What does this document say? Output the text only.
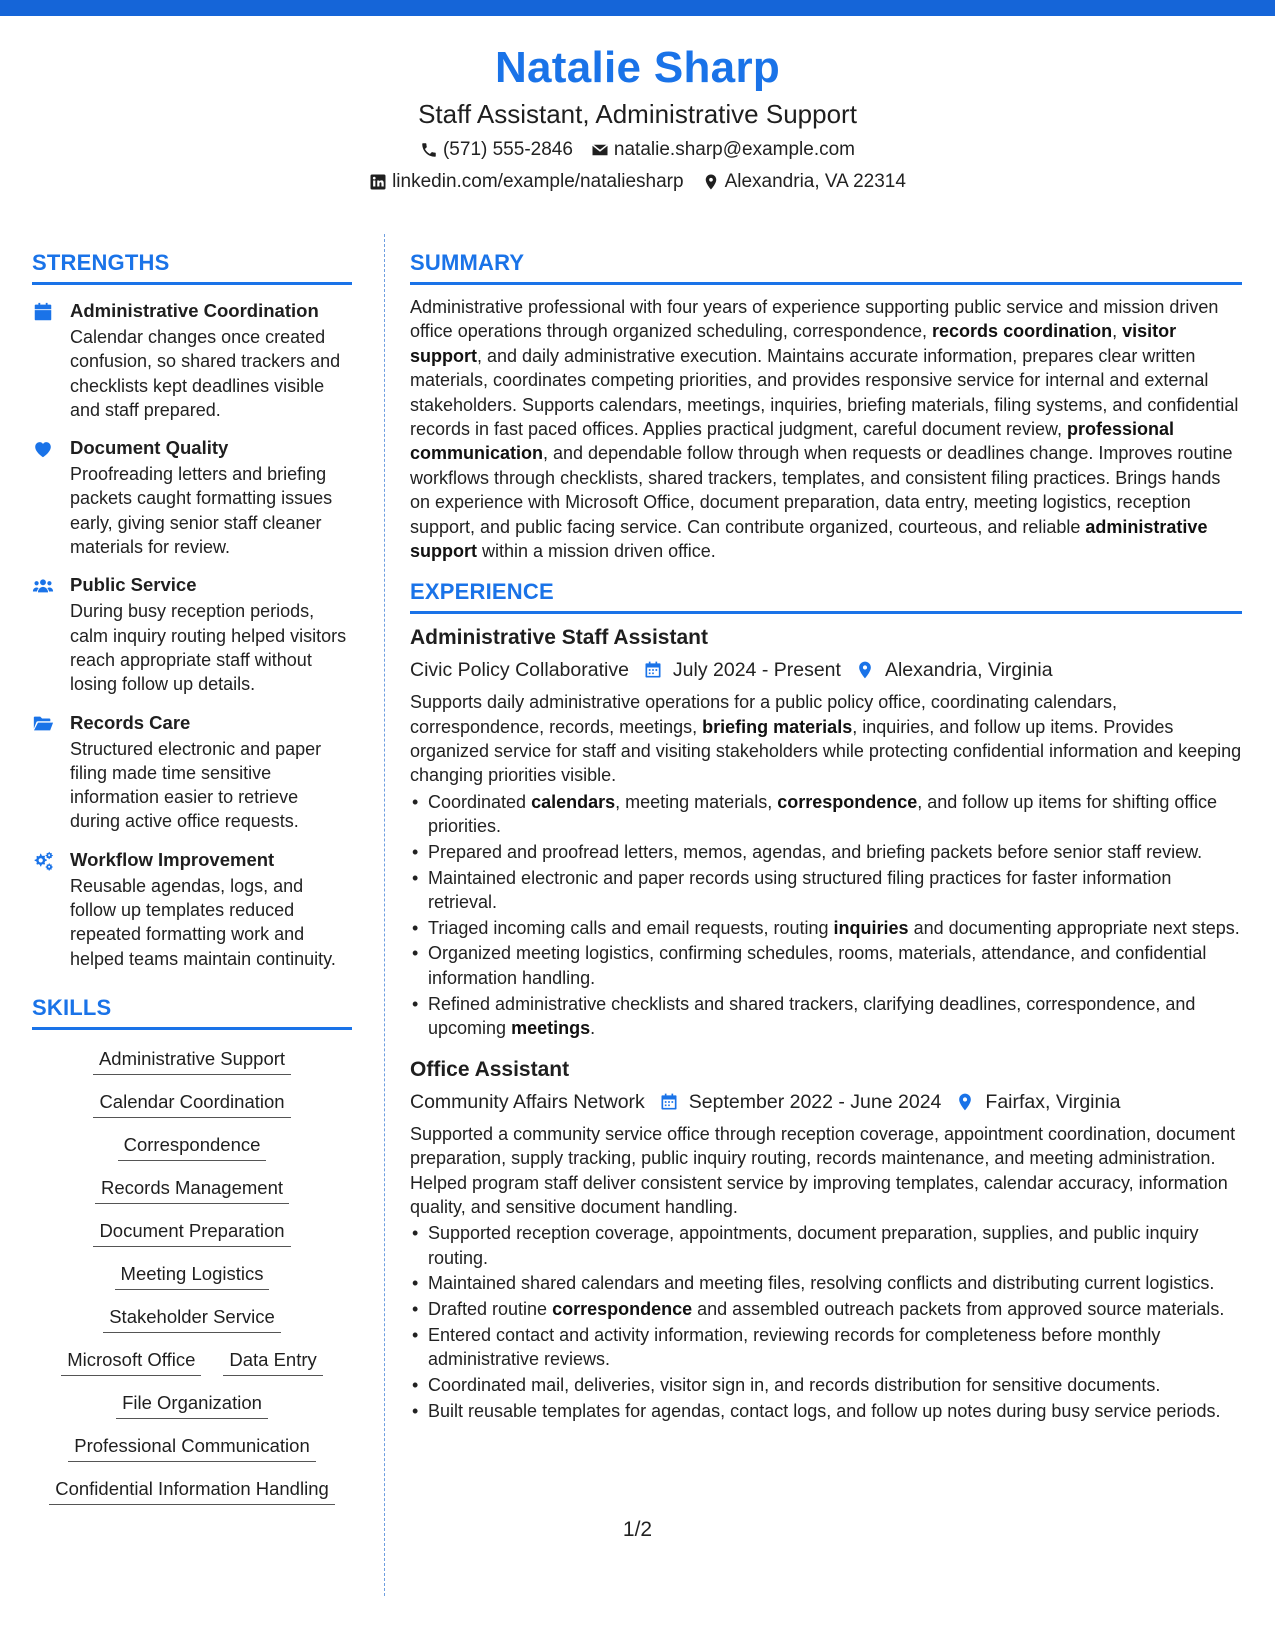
Natalie Sharp
Staff Assistant, Administrative Support
(571) 555-2846 natalie.sharp@example.com
linkedin.com/example/nataliesharp Alexandria, VA 22314
STRENGTHS
Administrative Coordination
Calendar changes once created confusion, so shared trackers and checklists kept deadlines visible and staff prepared.
Document Quality
Proofreading letters and briefing packets caught formatting issues early, giving senior staff cleaner materials for review.
Public Service
During busy reception periods, calm inquiry routing helped visitors reach appropriate staff without losing follow up details.
Records Care
Structured electronic and paper filing made time sensitive information easier to retrieve during active office requests.
Workflow Improvement
Reusable agendas, logs, and follow up templates reduced repeated formatting work and helped teams maintain continuity.
SKILLS
Administrative Support
Calendar Coordination
Correspondence
Records Management
Document Preparation
Meeting Logistics
Stakeholder Service
Microsoft Office	Data Entry
File Organization
Professional Communication
Confidential Information Handling
SUMMARY
Administrative professional with four years of experience supporting public service and mission driven office operations through organized scheduling, correspondence, records coordination, visitor support, and daily administrative execution. Maintains accurate information, prepares clear written materials, coordinates competing priorities, and provides responsive service for internal and external stakeholders. Supports calendars, meetings, inquiries, briefing materials, filing systems, and confidential records in fast paced offices. Applies practical judgment, careful document review, professional communication, and dependable follow through when requests or deadlines change. Improves routine workflows through checklists, shared trackers, templates, and consistent filing practices. Brings hands on experience with Microsoft Office, document preparation, data entry, meeting logistics, reception support, and public facing service. Can contribute organized, courteous, and reliable administrative support within a mission driven office.
EXPERIENCE
Administrative Staff Assistant
Civic Policy Collaborative July 2024 - Present Alexandria, Virginia
Supports daily administrative operations for a public policy office, coordinating calendars, correspondence, records, meetings, briefing materials, inquiries, and follow up items. Provides organized service for staff and visiting stakeholders while protecting confidential information and keeping changing priorities visible.
• Coordinated calendars, meeting materials, correspondence, and follow up items for shifting office priorities.
• Prepared and proofread letters, memos, agendas, and briefing packets before senior staff review.
• Maintained electronic and paper records using structured filing practices for faster information retrieval.
• Triaged incoming calls and email requests, routing inquiries and documenting appropriate next steps.
• Organized meeting logistics, confirming schedules, rooms, materials, attendance, and confidential information handling.
• Refined administrative checklists and shared trackers, clarifying deadlines, correspondence, and upcoming meetings.
Office Assistant
Community Affairs Network September 2022 - June 2024 Fairfax, Virginia
Supported a community service office through reception coverage, appointment coordination, document preparation, supply tracking, public inquiry routing, records maintenance, and meeting administration. Helped program staff deliver consistent service by improving templates, calendar accuracy, information quality, and sensitive document handling.
• Supported reception coverage, appointments, document preparation, supplies, and public inquiry routing.
• Maintained shared calendars and meeting files, resolving conflicts and distributing current logistics.
• Drafted routine correspondence and assembled outreach packets from approved source materials.
• Entered contact and activity information, reviewing records for completeness before monthly administrative reviews.
• Coordinated mail, deliveries, visitor sign in, and records distribution for sensitive documents.
• Built reusable templates for agendas, contact logs, and follow up notes during busy service periods.
1/2
